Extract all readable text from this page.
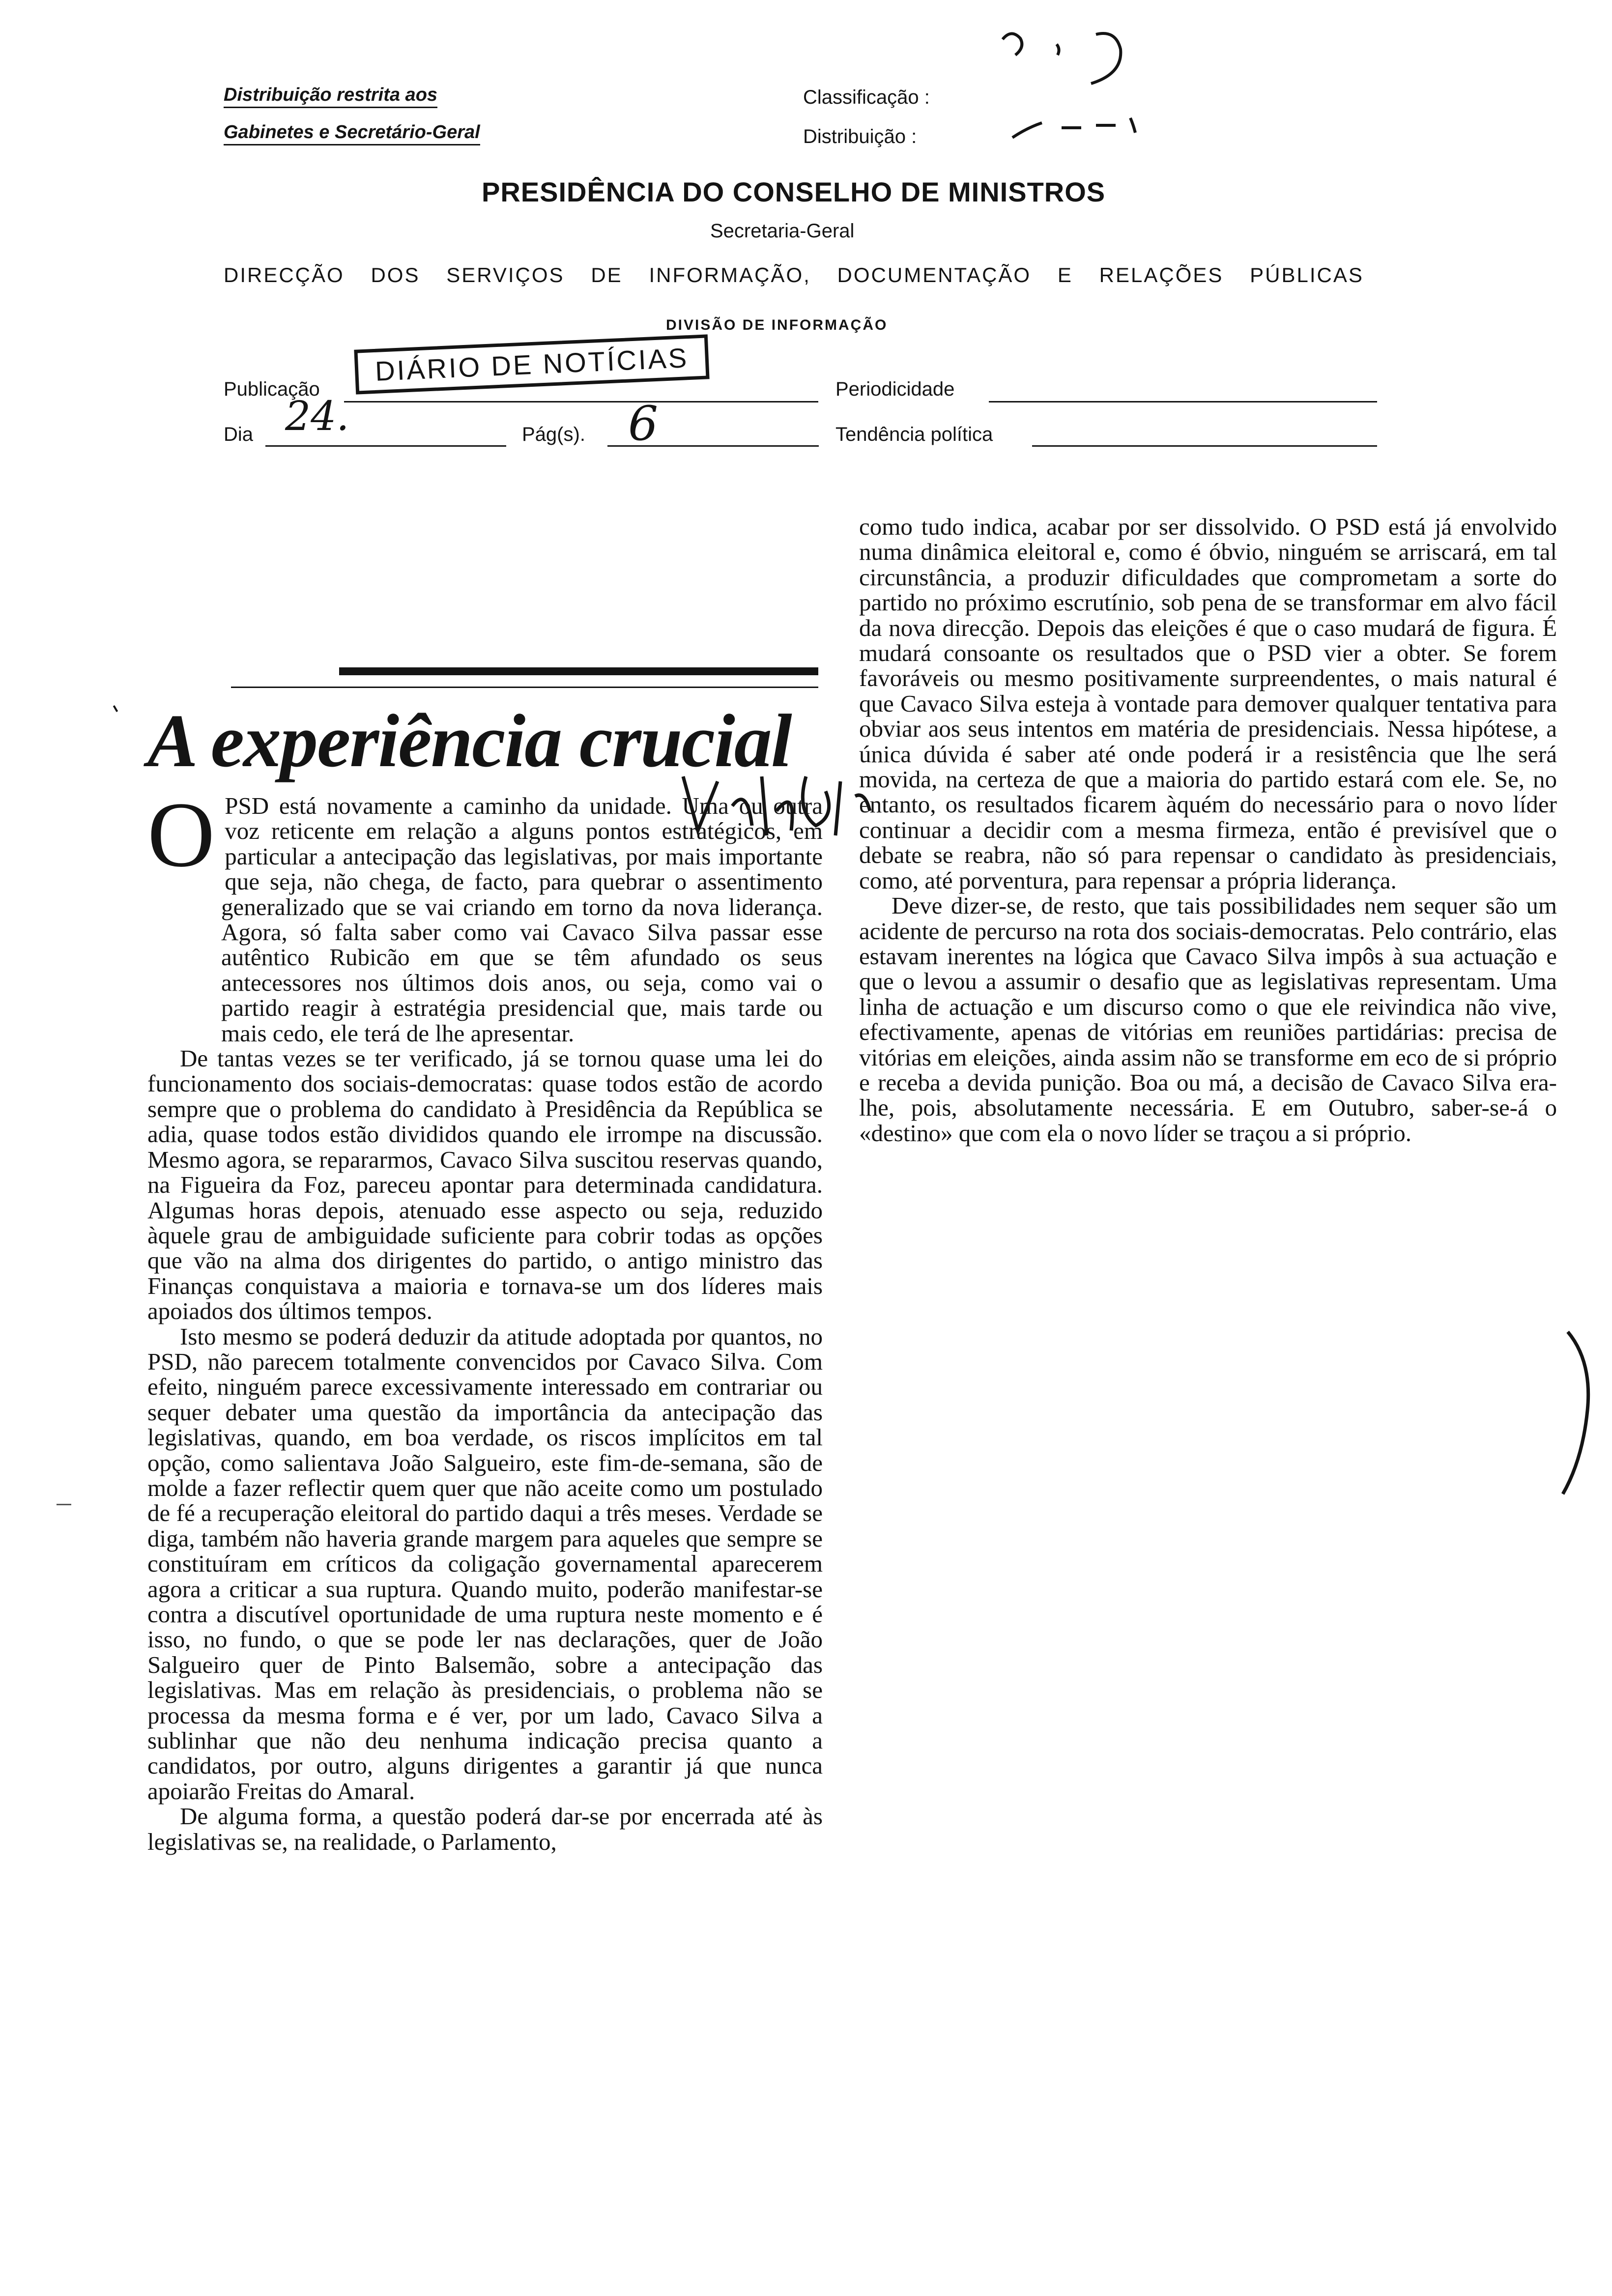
Distribuição restrita aos
Gabinetes e Secretário-Geral
Classificação :
Distribuição :
PRESIDÊNCIA DO CONSELHO DE MINISTROS
Secretaria-Geral
DIRECÇÃO DOS SERVIÇOS DE INFORMAÇÃO, DOCUMENTAÇÃO E RELAÇÕES PÚBLICAS
DIVISÃO DE INFORMAÇÃO
Publicação
DIÁRIO DE NOTÍCIAS
Periodicidade
Dia 24.	Pág(s). 6	Tendência política
A experiência crucial
O PSD está novamente a caminho da unidade. Uma ou outra voz reticente em relação a alguns pontos estratégicos, em particular a antecipação das legislativas, por mais importante que seja, não chega, de facto, para quebrar o assentimento generalizado que se vai criando em torno da nova liderança. Agora, só falta saber como vai Cavaco Silva passar esse autêntico Rubicão em que se têm afundado os seus antecessores nos últimos dois anos, ou seja, como vai o partido reagir à estratégia presidencial que, mais tarde ou mais cedo, ele terá de lhe apresentar.

De tantas vezes se ter verificado, já se tornou quase uma lei do funcionamento dos sociais-democratas: quase todos estão de acordo sempre que o problema do candidato à Presidência da República se adia, quase todos estão divididos quando ele irrompe na discussão. Mesmo agora, se repararmos, Cavaco Silva suscitou reservas quando, na Figueira da Foz, pareceu apontar para determinada candidatura. Algumas horas depois, atenuado esse aspecto ou seja, reduzido àquele grau de ambiguidade suficiente para cobrir todas as opções que vão na alma dos dirigentes do partido, o antigo ministro das Finanças conquistava a maioria e tornava-se um dos líderes mais apoiados dos últimos tempos.

Isto mesmo se poderá deduzir da atitude adoptada por quantos, no PSD, não parecem totalmente convencidos por Cavaco Silva. Com efeito, ninguém parece excessivamente interessado em contrariar ou sequer debater uma questão da importância da antecipação das legislativas, quando, em boa verdade, os riscos implícitos em tal opção, como salientava João Salgueiro, este fim-de-semana, são de molde a fazer reflectir quem quer que não aceite como um postulado de fé a recuperação eleitoral do partido daqui a três meses. Verdade se diga, também não haveria grande margem para aqueles que sempre se constituíram em críticos da coligação governamental aparecerem agora a criticar a sua ruptura. Quando muito, poderão manifestar-se contra a discutível oportunidade de uma ruptura neste momento e é isso, no fundo, o que se pode ler nas declarações, quer de João Salgueiro quer de Pinto Balsemão, sobre a antecipação das legislativas. Mas em relação às presidenciais, o problema não se processa da mesma forma e é ver, por um lado, Cavaco Silva a sublinhar que não deu nenhuma indicação precisa quanto a candidatos, por outro, alguns dirigentes a garantir já que nunca apoiarão Freitas do Amaral.

De alguma forma, a questão poderá dar-se por encerrada até às legislativas se, na realidade, o Parlamento,

como tudo indica, acabar por ser dissolvido. O PSD está já envolvido numa dinâmica eleitoral e, como é óbvio, ninguém se arriscará, em tal circunstância, a produzir dificuldades que comprometam a sorte do partido no próximo escrutínio, sob pena de se transformar em alvo fácil da nova direcção. Depois das eleições é que o caso mudará de figura. É mudará consoante os resultados que o PSD vier a obter. Se forem favoráveis ou mesmo positivamente surpreendentes, o mais natural é que Cavaco Silva esteja à vontade para demover qualquer tentativa para obviar aos seus intentos em matéria de presidenciais. Nessa hipótese, a única dúvida é saber até onde poderá ir a resistência que lhe será movida, na certeza de que a maioria do partido estará com ele. Se, no entanto, os resultados ficarem àquém do necessário para o novo líder continuar a decidir com a mesma firmeza, então é previsível que o debate se reabra, não só para repensar o candidato às presidenciais, como, até porventura, para repensar a própria liderança.

Deve dizer-se, de resto, que tais possibilidades nem sequer são um acidente de percurso na rota dos sociais-democratas. Pelo contrário, elas estavam inerentes na lógica que Cavaco Silva impôs à sua actuação e que o levou a assumir o desafio que as legislativas representam. Uma linha de actuação e um discurso como o que ele reivindica não vive, efectivamente, apenas de vitórias em reuniões partidárias: precisa de vitórias em eleições, ainda assim não se transforme em eco de si próprio e receba a devida punição. Boa ou má, a decisão de Cavaco Silva era-lhe, pois, absolutamente necessária. E em Outubro, saber-se-á o «destino» que com ela o novo líder se traçou a si próprio.
